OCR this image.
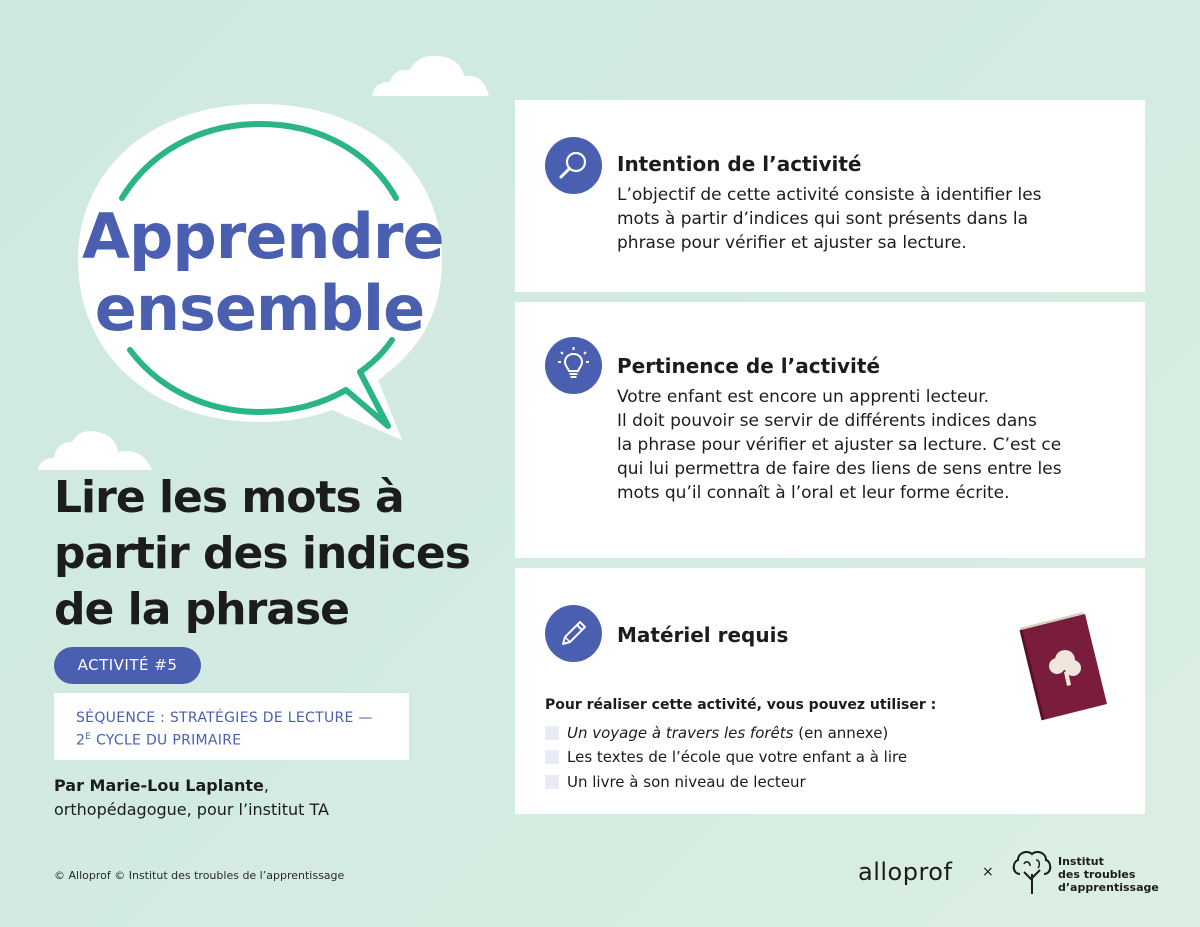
Apprendre
ensemble
Lire les mots à
partir des indices
de la phrase
ACTIVITÉ #5
SÉQUENCE : STRATÉGIES DE LECTURE —
$2^E$ CYCLE DU PRIMAIRE
Par Marie-Lou Laplante,
orthopédagogue, pour l’institut TA
© Alloprof © Institut des troubles de l’apprentissage	alloprof ×
Institut
des troubles
d’apprentissage
Intention de l’activité
L’objectif de cette activité consiste à identifier les
mots à partir d’indices qui sont présents dans la
phrase pour vérifier et ajuster sa lecture.
Pertinence de l’activité
Votre enfant est encore un apprenti lecteur.
Il doit pouvoir se servir de différents indices dans
la phrase pour vérifier et ajuster sa lecture. C’est ce
qui lui permettra de faire des liens de sens entre les
mots qu’il connaît à l’oral et leur forme écrite.
Matériel requis
Pour réaliser cette activité, vous pouvez utiliser :
Un voyage à travers les forêts (en annexe)
Les textes de l’école que votre enfant a à lire
Un livre à son niveau de lecteur
